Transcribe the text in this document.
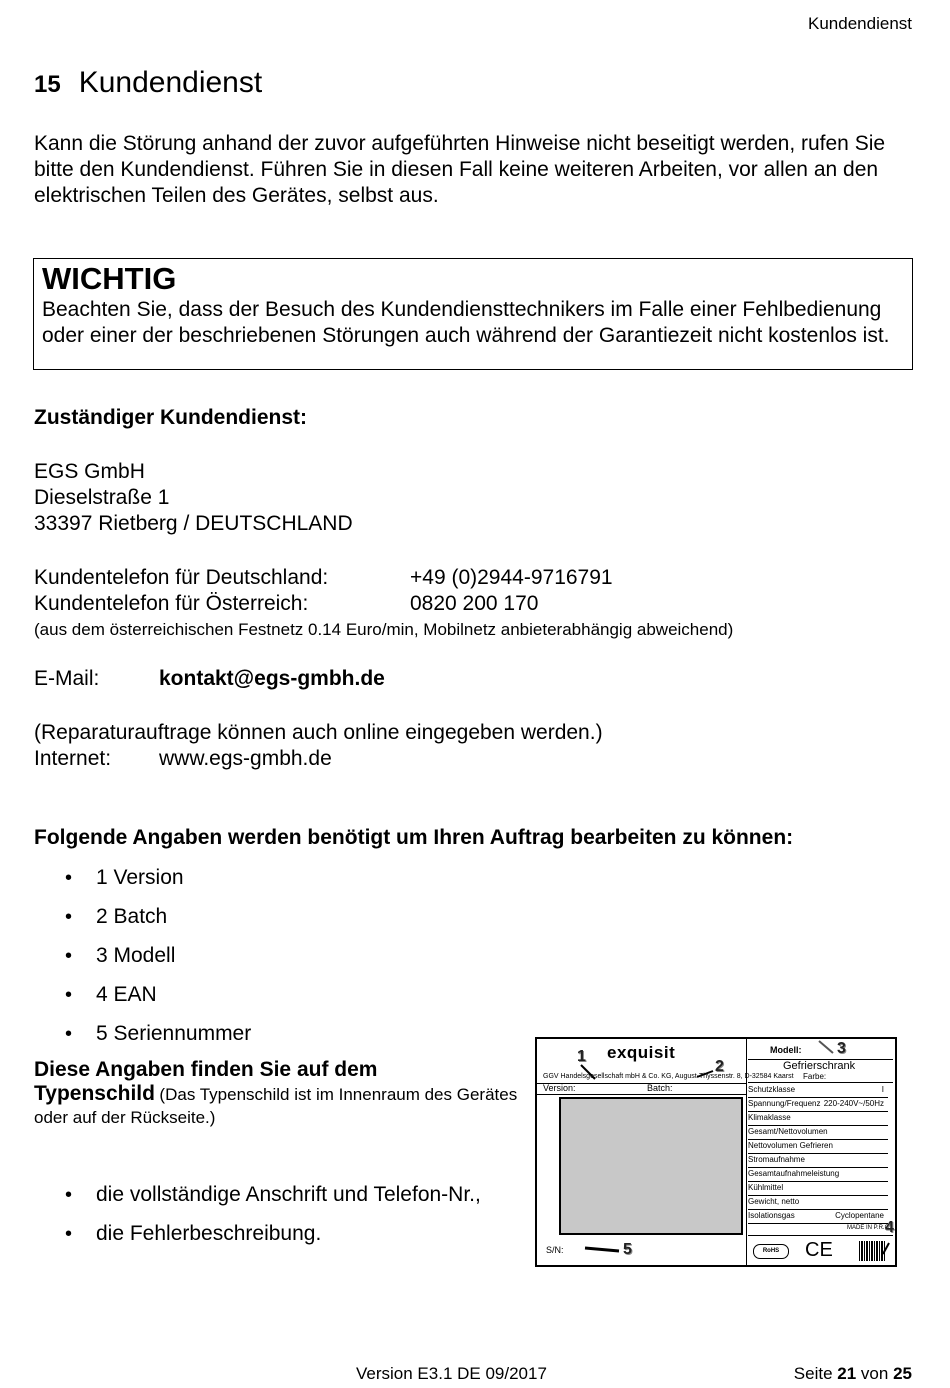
Kundendienst
15 Kundendienst
Kann die Störung anhand der zuvor aufgeführten Hinweise nicht beseitigt werden, rufen Sie bitte den Kundendienst. Führen Sie in diesen Fall keine weiteren Arbeiten, vor allen an den elektrischen Teilen des Gerätes, selbst aus.
WICHTIG
Beachten Sie, dass der Besuch des Kundendiensttechnikers im Falle einer Fehlbedienung oder einer der beschriebenen Störungen auch während der Garantiezeit nicht kostenlos ist.
Zuständiger Kundendienst:
EGS GmbH
Dieselstraße 1
33397 Rietberg / DEUTSCHLAND
Kundentelefon für Deutschland:	+49 (0)2944-9716791
Kundentelefon für Österreich:	0820 200 170
(aus dem österreichischen Festnetz 0.14 Euro/min, Mobilnetz anbieterabhängig abweichend)
E-Mail:	kontakt@egs-gmbh.de
(Reparaturauftrage können auch online eingegeben werden.)
Internet: www.egs-gmbh.de
Folgende Angaben werden benötigt um Ihren Auftrag bearbeiten zu können:
• 1 Version
• 2 Batch
• 3 Modell
• 4 EAN
• 5 Seriennummer
Diese Angaben finden Sie auf dem
Typenschild (Das Typenschild ist im Innenraum des Gerätes oder auf der Rückseite.)
• die vollständige Anschrift und Telefon-Nr.,
• die Fehlerbeschreibung.
exquisit
GGV Handelsgesellschaft mbH & Co. KG, August-Thyssenstr. 8, D-32584 Kaarst
Version:	Batch:
S/N:
Modell:
Gefrierschrank
Farbe:
Schutzklasse	I
Spannung/Frequenz 220-240V~/50Hz
Klimaklasse
Gesamt/Nettovolumen
Nettovolumen Gefrieren
Stromaufnahme
Gesamtaufnahmeleistung
Kühlmittel
Gewicht, netto
Isolationsgas	Cyclopentane
MADE IN P.R.C.
RoHS	CE
1
2
3
4
5
Version E3.1 DE 09/2017	Seite 21 von 25
